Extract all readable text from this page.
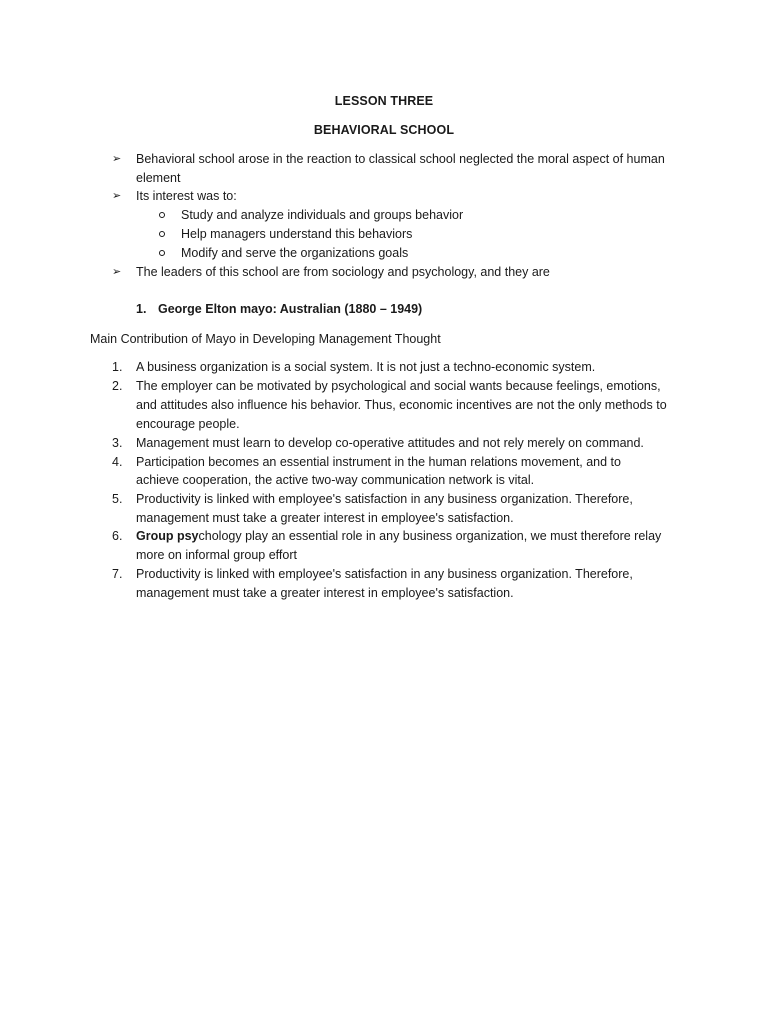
LESSON THREE
BEHAVIORAL SCHOOL
➢ Behavioral school arose in the reaction to classical school neglected the moral aspect of human
element
➢ Its interest was to:
Study and analyze individuals and groups behavior
Help managers understand this behaviors
Modify and serve the organizations goals
➢ The leaders of this school are from sociology and psychology, and they are
1. George Elton mayo: Australian (1880 – 1949)
Main Contribution of Mayo in Developing Management Thought
1.	A business organization is a social system. It is not just a techno-economic system.
2.	The employer can be motivated by psychological and social wants because feelings, emotions,
and attitudes also influence his behavior. Thus, economic incentives are not the only methods to
encourage people.
3.	Management must learn to develop co-operative attitudes and not rely merely on command.
4.	Participation becomes an essential instrument in the human relations movement, and to
achieve cooperation, the active two-way communication network is vital.
5.	Productivity is linked with employee's satisfaction in any business organization. Therefore,
management must take a greater interest in employee's satisfaction.
6.	Group psychology play an essential role in any business organization, we must therefore relay
more on informal group effort
7.	Productivity is linked with employee's satisfaction in any business organization. Therefore,
management must take a greater interest in employee's satisfaction.
